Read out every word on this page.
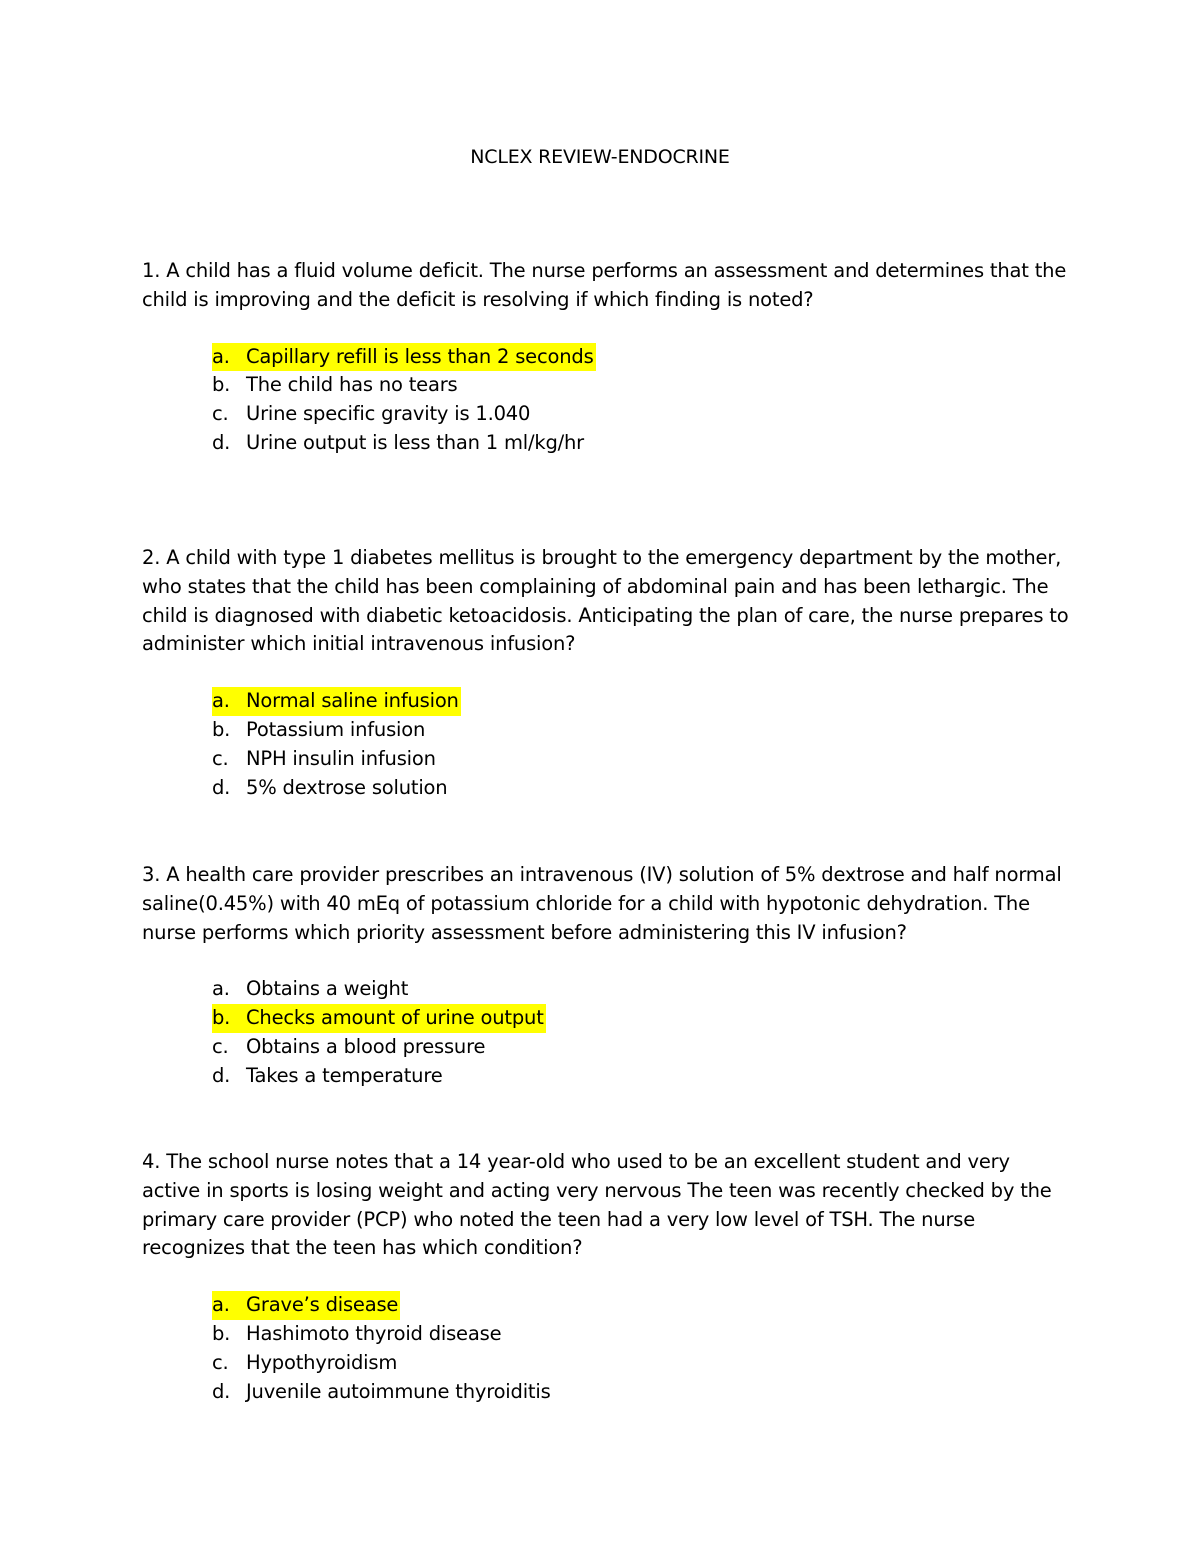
NCLEX REVIEW-ENDOCRINE

1. A child has a fluid volume deficit. The nurse performs an assessment and determines that the child is improving and the deficit is resolving if which finding is noted?

a. Capillary refill is less than 2 seconds
b. The child has no tears
c. Urine specific gravity is 1.040
d. Urine output is less than 1 ml/kg/hr

2. A child with type 1 diabetes mellitus is brought to the emergency department by the mother, who states that the child has been complaining of abdominal pain and has been lethargic. The child is diagnosed with diabetic ketoacidosis. Anticipating the plan of care, the nurse prepares to administer which initial intravenous infusion?

a. Normal saline infusion
b. Potassium infusion
c. NPH insulin infusion
d. 5% dextrose solution

3. A health care provider prescribes an intravenous (IV) solution of 5% dextrose and half normal saline(0.45%) with 40 mEq of potassium chloride for a child with hypotonic dehydration. The nurse performs which priority assessment before administering this IV infusion?

a. Obtains a weight
b. Checks amount of urine output
c. Obtains a blood pressure
d. Takes a temperature

4. The school nurse notes that a 14 year-old who used to be an excellent student and very active in sports is losing weight and acting very nervous The teen was recently checked by the primary care provider (PCP) who noted the teen had a very low level of TSH. The nurse recognizes that the teen has which condition?

a. Grave’s disease
b. Hashimoto thyroid disease
c. Hypothyroidism
d. Juvenile autoimmune thyroiditis
